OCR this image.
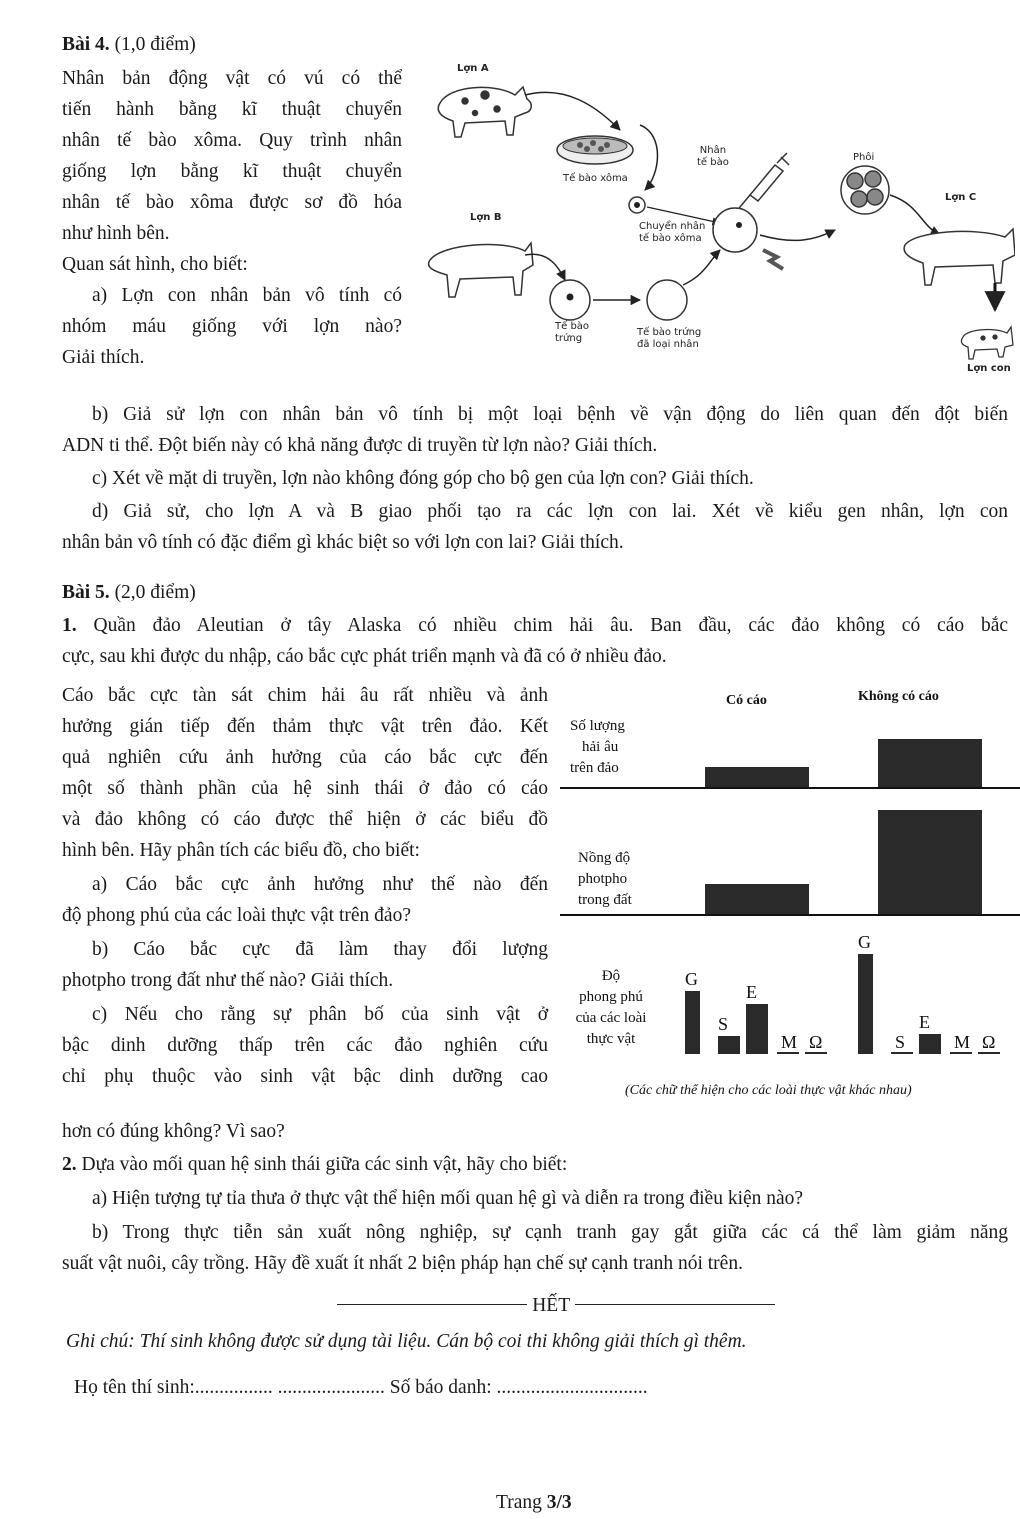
Bài 4. (1,0 điểm)

Nhân bản động vật có vú có thể

tiến hành bằng kĩ thuật chuyển

nhân tế bào xôma. Quy trình nhân

giống lợn bằng kĩ thuật chuyển

nhân tế bào xôma được sơ đồ hóa

như hình bên.

Quan sát hình, cho biết:

a) Lợn con nhân bản vô tính có

nhóm máu giống với lợn nào?

Giải thích.

b) Giả sử lợn con nhân bản vô tính bị một loại bệnh về vận động do liên quan đến đột biến

ADN ti thể. Đột biến này có khả năng được di truyền từ lợn nào? Giải thích.

c) Xét về mặt di truyền, lợn nào không đóng góp cho bộ gen của lợn con? Giải thích.

d) Giả sử, cho lợn A và B giao phối tạo ra các lợn con lai. Xét về kiểu gen nhân, lợn con

nhân bản vô tính có đặc điểm gì khác biệt so với lợn con lai? Giải thích.

Lợn A
Tế bào xôma
Nhân
tế bào
Chuyển nhân
tế bào xôma
Phôi
Lợn C
Lợn B
Tế bào
trứng
Tế bào trứng
đã loại nhân
Lợn con
Bài 5. (2,0 điểm)

1. Quần đảo Aleutian ở tây Alaska có nhiều chim hải âu. Ban đầu, các đảo không có cáo bắc

cực, sau khi được du nhập, cáo bắc cực phát triển mạnh và đã có ở nhiều đảo.

Cáo bắc cực tàn sát chim hải âu rất nhiều và ảnh

hưởng gián tiếp đến thảm thực vật trên đảo. Kết

quả nghiên cứu ảnh hưởng của cáo bắc cực đến

một số thành phần của hệ sinh thái ở đảo có cáo

và đảo không có cáo được thể hiện ở các biểu đồ

hình bên. Hãy phân tích các biểu đồ, cho biết:

a) Cáo bắc cực ảnh hưởng như thế nào đến

độ phong phú của các loài thực vật trên đảo?

b) Cáo bắc cực đã làm thay đổi lượng

photpho trong đất như thế nào? Giải thích.

c) Nếu cho rằng sự phân bố của sinh vật ở

bậc dinh dưỡng thấp trên các đảo nghiên cứu

chỉ phụ thuộc vào sinh vật bậc dinh dưỡng cao

hơn có đúng không? Vì sao?
Có cáo	Không có cáo
Số lượng
hải âu
trên đảo
Nồng độ
photpho
trong đất
Độ
phong phú
của các loài
thực vật
G
S
E
M Ω
G
S
E
M Ω
(Các chữ thể hiện cho các loài thực vật khác nhau)

2. Dựa vào mối quan hệ sinh thái giữa các sinh vật, hãy cho biết:

a) Hiện tượng tự tỉa thưa ở thực vật thể hiện mối quan hệ gì và diễn ra trong điều kiện nào?

b) Trong thực tiễn sản xuất nông nghiệp, sự cạnh tranh gay gắt giữa các cá thể làm giảm năng

suất vật nuôi, cây trồng. Hãy đề xuất ít nhất 2 biện pháp hạn chế sự cạnh tranh nói trên.

HẾT
Ghi chú: Thí sinh không được sử dụng tài liệu. Cán bộ coi thi không giải thích gì thêm.
Họ tên thí sinh:................ ...................... Số báo danh: ...............................
Trang 3/3
